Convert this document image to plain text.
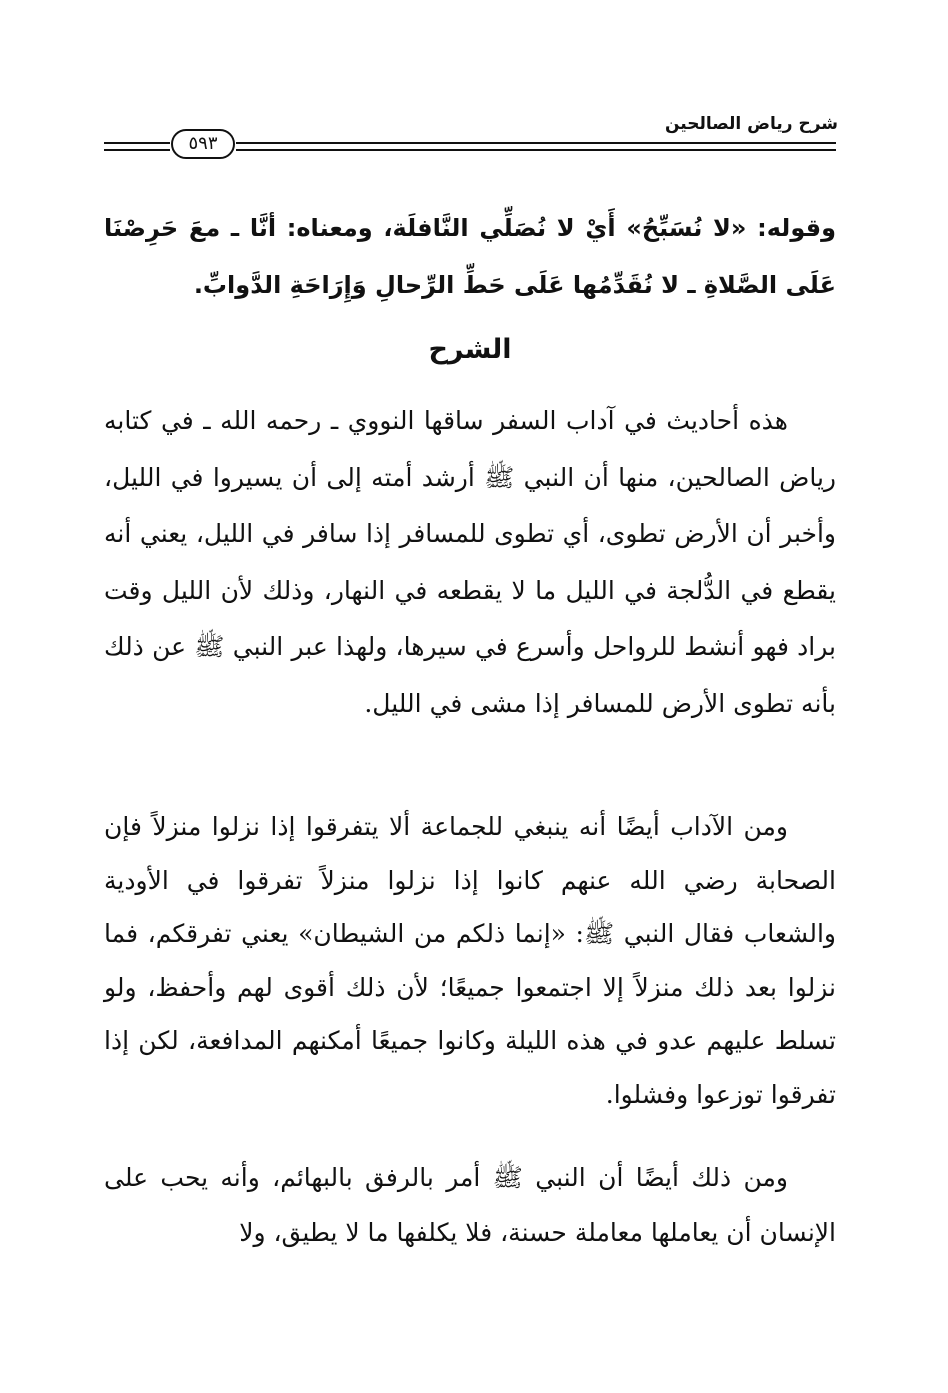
شرح رياض الصالحين
٥٩٣

وقوله: «لا نُسَبِّحُ» أَيْ لا نُصَلِّي النَّافلَة، ومعناه: أنَّا ـ معَ حَرِصْنَا عَلَى الصَّلاةِ ـ لا نُقَدِّمُها عَلَى حَطِّ الرِّحالِ وَإِرَاحَةِ الدَّوابِّ.

الشرح

هذه أحاديث في آداب السفر ساقها النووي ـ رحمه الله ـ في كتابه رياض الصالحين، منها أن النبي ﷺ أرشد أمته إلى أن يسيروا في الليل، وأخبر أن الأرض تطوى، أي تطوى للمسافر إذا سافر في الليل، يعني أنه يقطع في الدُّلجة في الليل ما لا يقطعه في النهار، وذلك لأن الليل وقت براد فهو أنشط للرواحل وأسرع في سيرها، ولهذا عبر النبي ﷺ عن ذلك بأنه تطوى الأرض للمسافر إذا مشى في الليل.

ومن الآداب أيضًا أنه ينبغي للجماعة ألا يتفرقوا إذا نزلوا منزلاً فإن الصحابة رضي الله عنهم كانوا إذا نزلوا منزلاً تفرقوا في الأودية والشعاب فقال النبي ﷺ: «إنما ذلكم من الشيطان» يعني تفرقكم، فما نزلوا بعد ذلك منزلاً إلا اجتمعوا جميعًا؛ لأن ذلك أقوى لهم وأحفظ، ولو تسلط عليهم عدو في هذه الليلة وكانوا جميعًا أمكنهم المدافعة، لكن إذا تفرقوا توزعوا وفشلوا.

ومن ذلك أيضًا أن النبي ﷺ أمر بالرفق بالبهائم، وأنه يحب على الإنسان أن يعاملها معاملة حسنة، فلا يكلفها ما لا يطيق، ولا
